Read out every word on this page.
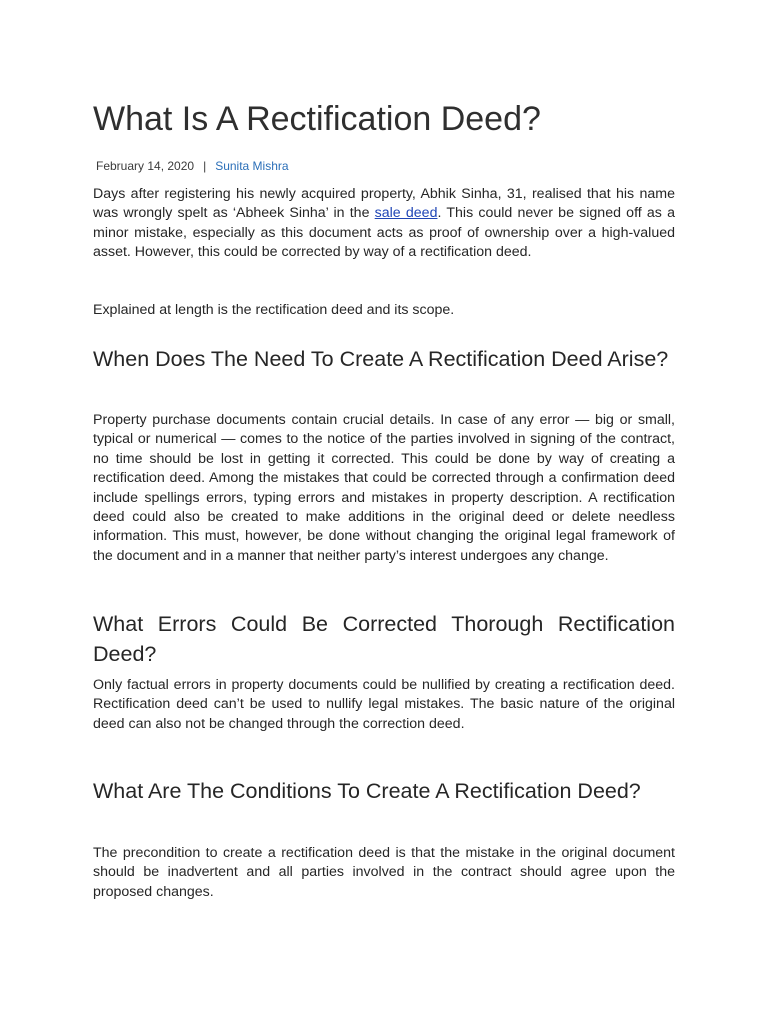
What Is A Rectification Deed?
February 14, 2020 | Sunita Mishra

Days after registering his newly acquired property, Abhik Sinha, 31, realised that his name was wrongly spelt as ‘Abheek Sinha’ in the sale deed. This could never be signed off as a minor mistake, especially as this document acts as proof of ownership over a high-valued asset. However, this could be corrected by way of a rectification deed.

Explained at length is the rectification deed and its scope.

When Does The Need To Create A Rectification Deed Arise?

Property purchase documents contain crucial details. In case of any error — big or small, typical or numerical — comes to the notice of the parties involved in signing of the contract, no time should be lost in getting it corrected. This could be done by way of creating a rectification deed. Among the mistakes that could be corrected through a confirmation deed include spellings errors, typing errors and mistakes in property description. A rectification deed could also be created to make additions in the original deed or delete needless information. This must, however, be done without changing the original legal framework of the document and in a manner that neither party’s interest undergoes any change.

What Errors Could Be Corrected Thorough Rectification Deed?

Only factual errors in property documents could be nullified by creating a rectification deed. Rectification deed can’t be used to nullify legal mistakes. The basic nature of the original deed can also not be changed through the correction deed.

What Are The Conditions To Create A Rectification Deed?

The precondition to create a rectification deed is that the mistake in the original document should be inadvertent and all parties involved in the contract should agree upon the proposed changes.
